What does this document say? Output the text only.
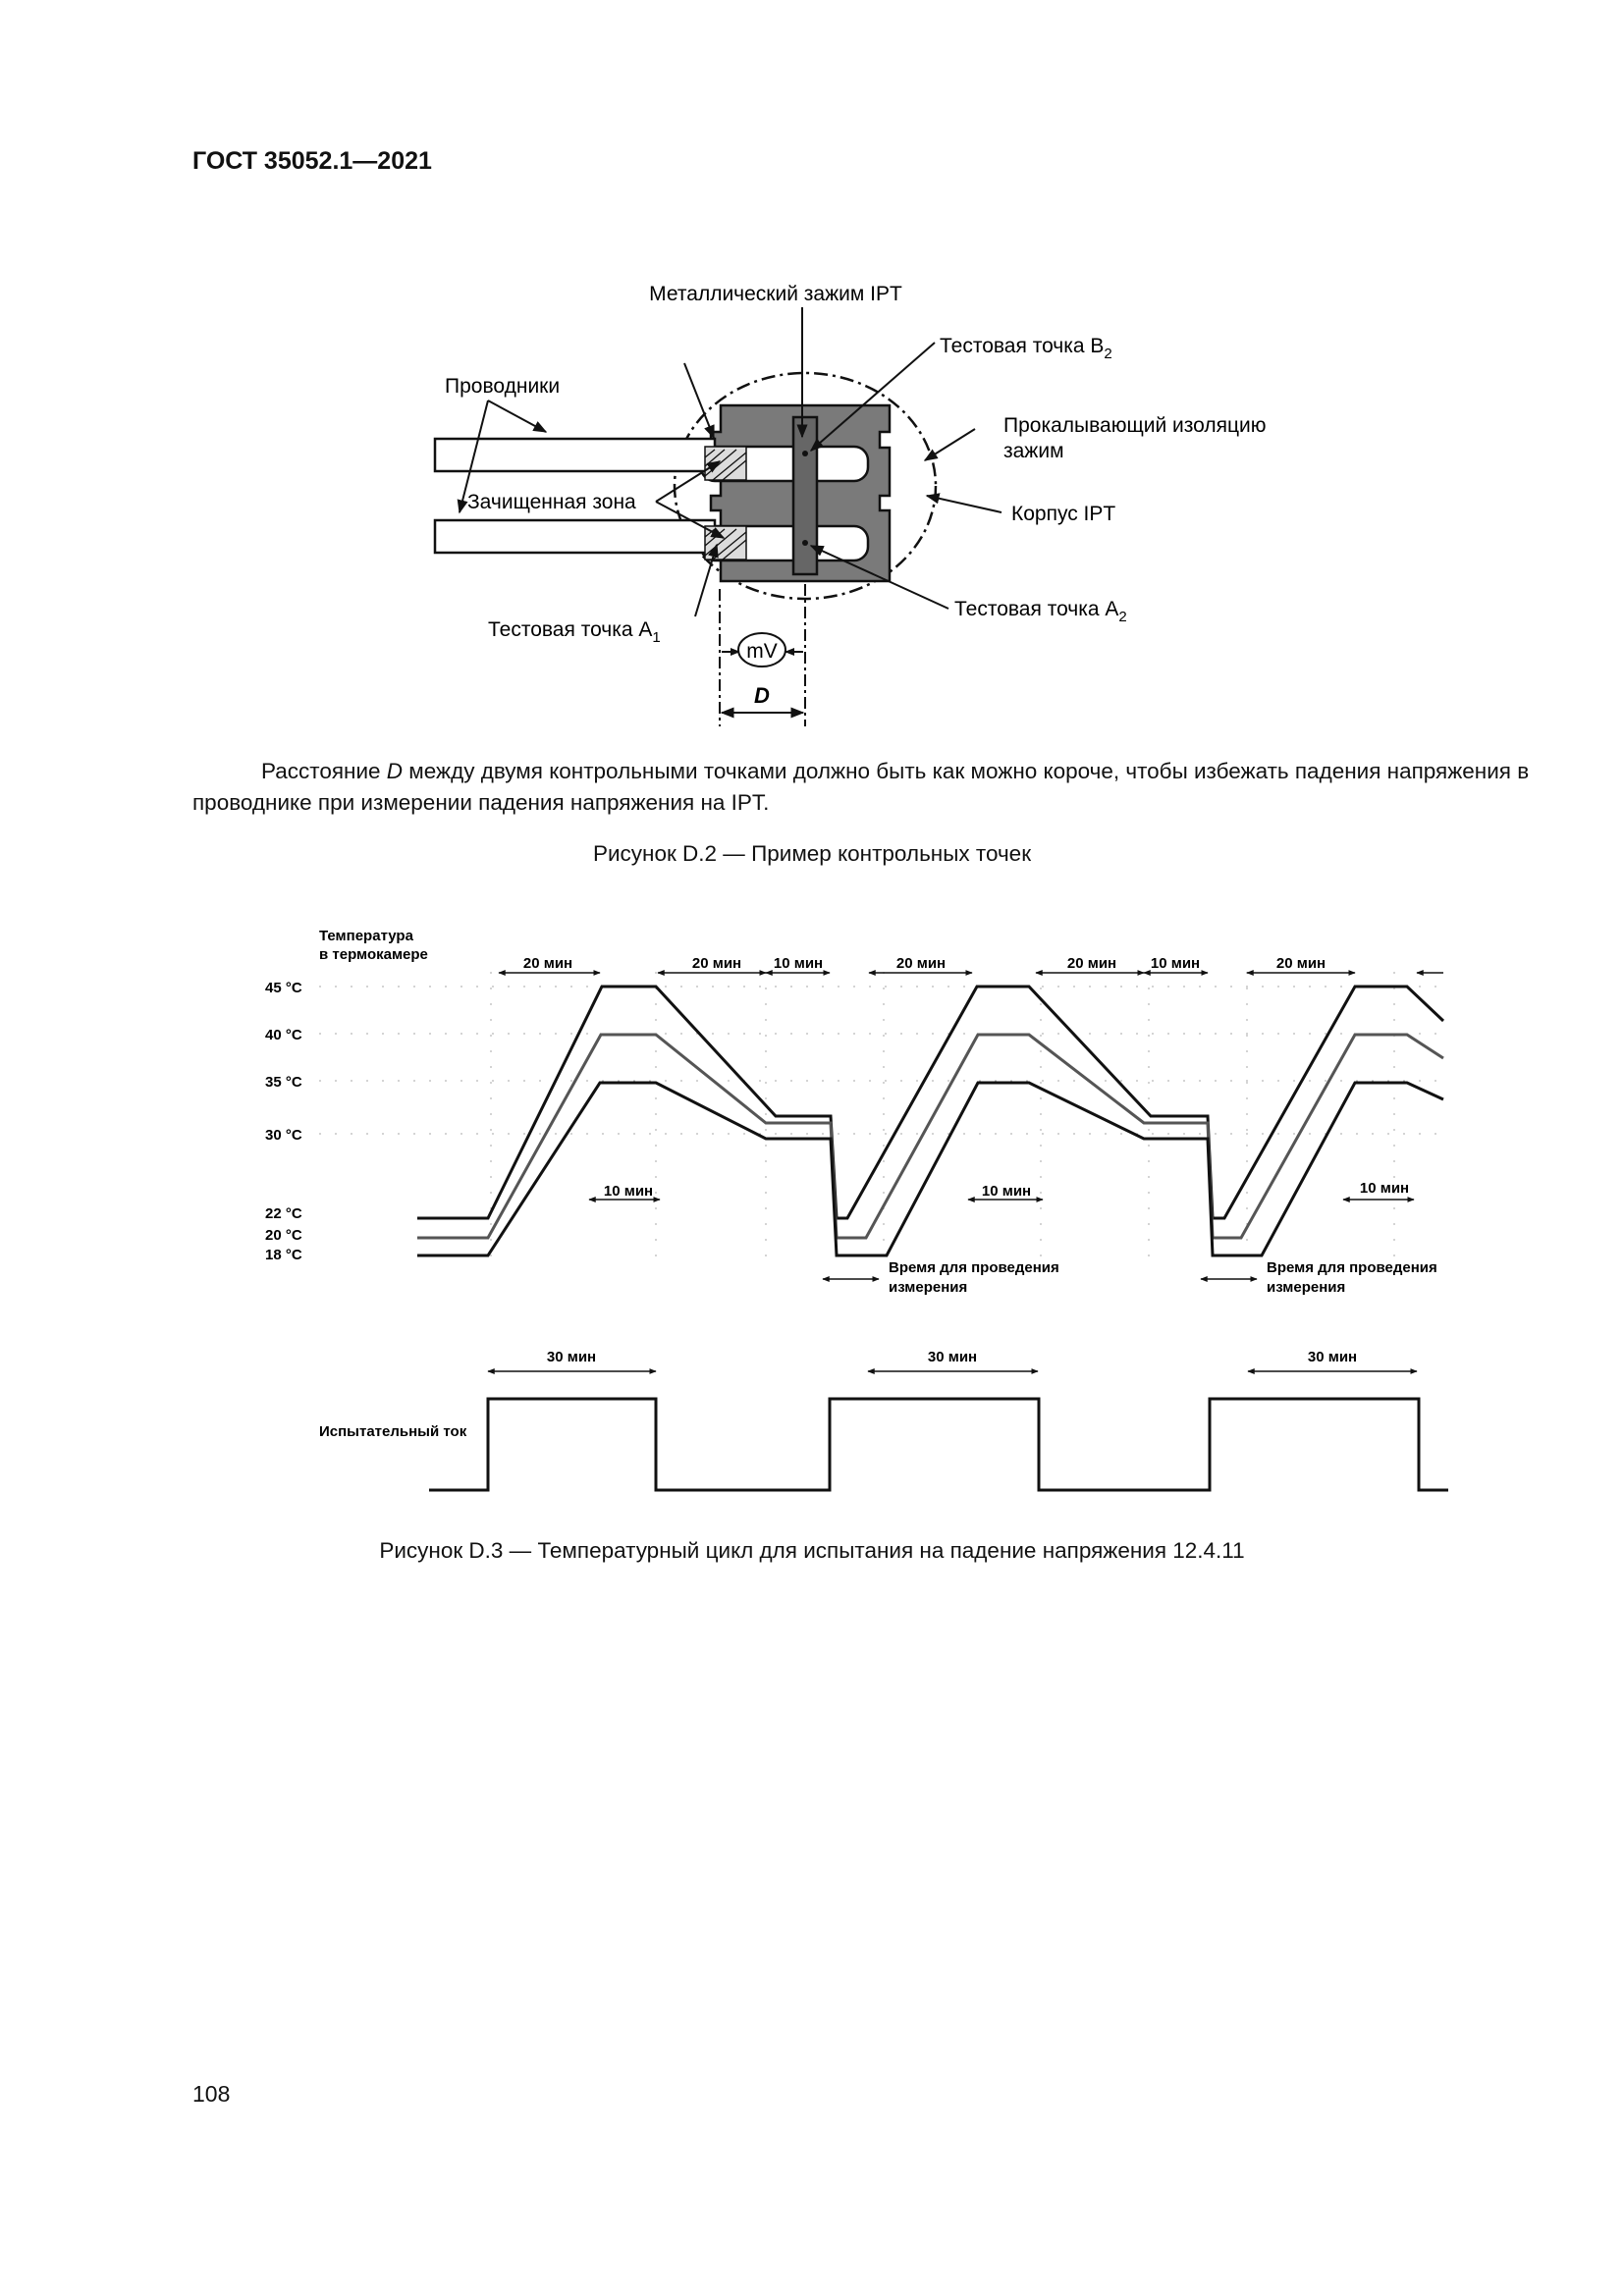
ГОСТ 35052.1—2021
Металлический зажим IPT
Тестовая точка $B_2$
Проводники
Прокалывающий изоляцию
зажим
Зачищенная зона
Корпус IPT
Тестовая точка $A_2$
Тестовая точка $A_1$
mV
D
Температура
в термокамере
45 °C
40 °C
35 °C
30 °C
22 °C
20 °C
18 °C
20 мин	20 мин 10 мин	20 мин	20 мин 10 мин	20 мин
10 мин	10 мин	10 мин
Время для проведения
измерения
Время для проведения
измерения
30 мин	30 мин	30 мин
Испытательный ток
Расстояние D между двумя контрольными точками должно быть как можно короче, чтобы избежать падения напряжения в проводнике при измерении падения напряжения на IPT.
Рисунок D.2 — Пример контрольных точек
Рисунок D.3 — Температурный цикл для испытания на падение напряжения 12.4.11
108
